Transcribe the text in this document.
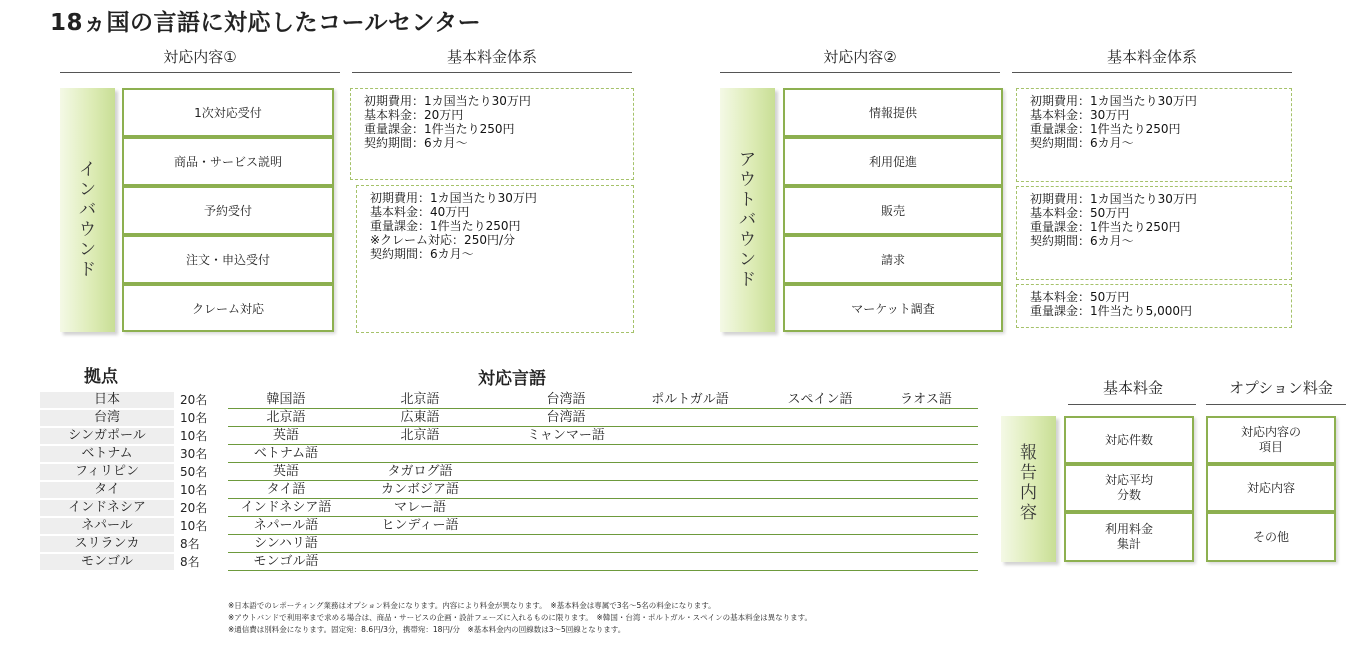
18ヵ国の言語に対応したコールセンター
対応内容①	基本料金体系
イ
ン
バ
ウ
ン
ド
1次対応受付
商品・サービス説明
予約受付
注文・申込受付
クレーム対応
初期費用：1カ国当たり30万円
基本料金：20万円
重量課金：1件当たり250円
契約期間：6カ月～
初期費用：1カ国当たり30万円
基本料金：40万円
重量課金：1件当たり250円
※クレーム対応：250円/分
契約期間：6カ月～
対応内容②	基本料金体系
ア
ウ
ト
バ
ウ
ン
ド
情報提供
利用促進
販売
請求
マーケット調査
初期費用：1カ国当たり30万円
基本料金：30万円
重量課金：1件当たり250円
契約期間：6カ月～
初期費用：1カ国当たり30万円
基本料金：50万円
重量課金：1件当たり250円
契約期間：6カ月～
基本料金：50万円
重量課金：1件当たり5,000円
拠点	対応言語
日本	20名	韓国語	北京語	台湾語	ポルトガル語	スペイン語	ラオス語
台湾	10名	北京語	広東語	台湾語
シンガポール	10名	英語	北京語	ミャンマー語
ベトナム	30名	ベトナム語
フィリピン	50名	英語	タガログ語
タイ	10名	タイ語	カンボジア語
インドネシア	20名	インドネシア語	マレー語
ネパール	10名	ネパール語	ヒンディー語
スリランカ	8名	シンハリ語
モンゴル	8名	モンゴル語
基本料金	オプション料金
報
告
内
容
対応件数
対応平均
分数
利用料金
集計
対応内容の
項目
対応内容
その他
※日本語でのレポーティング業務はオプション料金になります。内容により料金が異なります。　※基本料金は専属で3名～5名の料金になります。
※アウトバンドで利用率まで求める場合は、商品・サービスの企画・設計フェーズに入れるものに限ります。　※韓国・台湾・ポルトガル・スペインの基本料金は異なります。
※通信費は別料金になります。固定宛：8.6円/3分，携帯宛：18円/分　※基本料金内の回線数は3～5回線となります。
